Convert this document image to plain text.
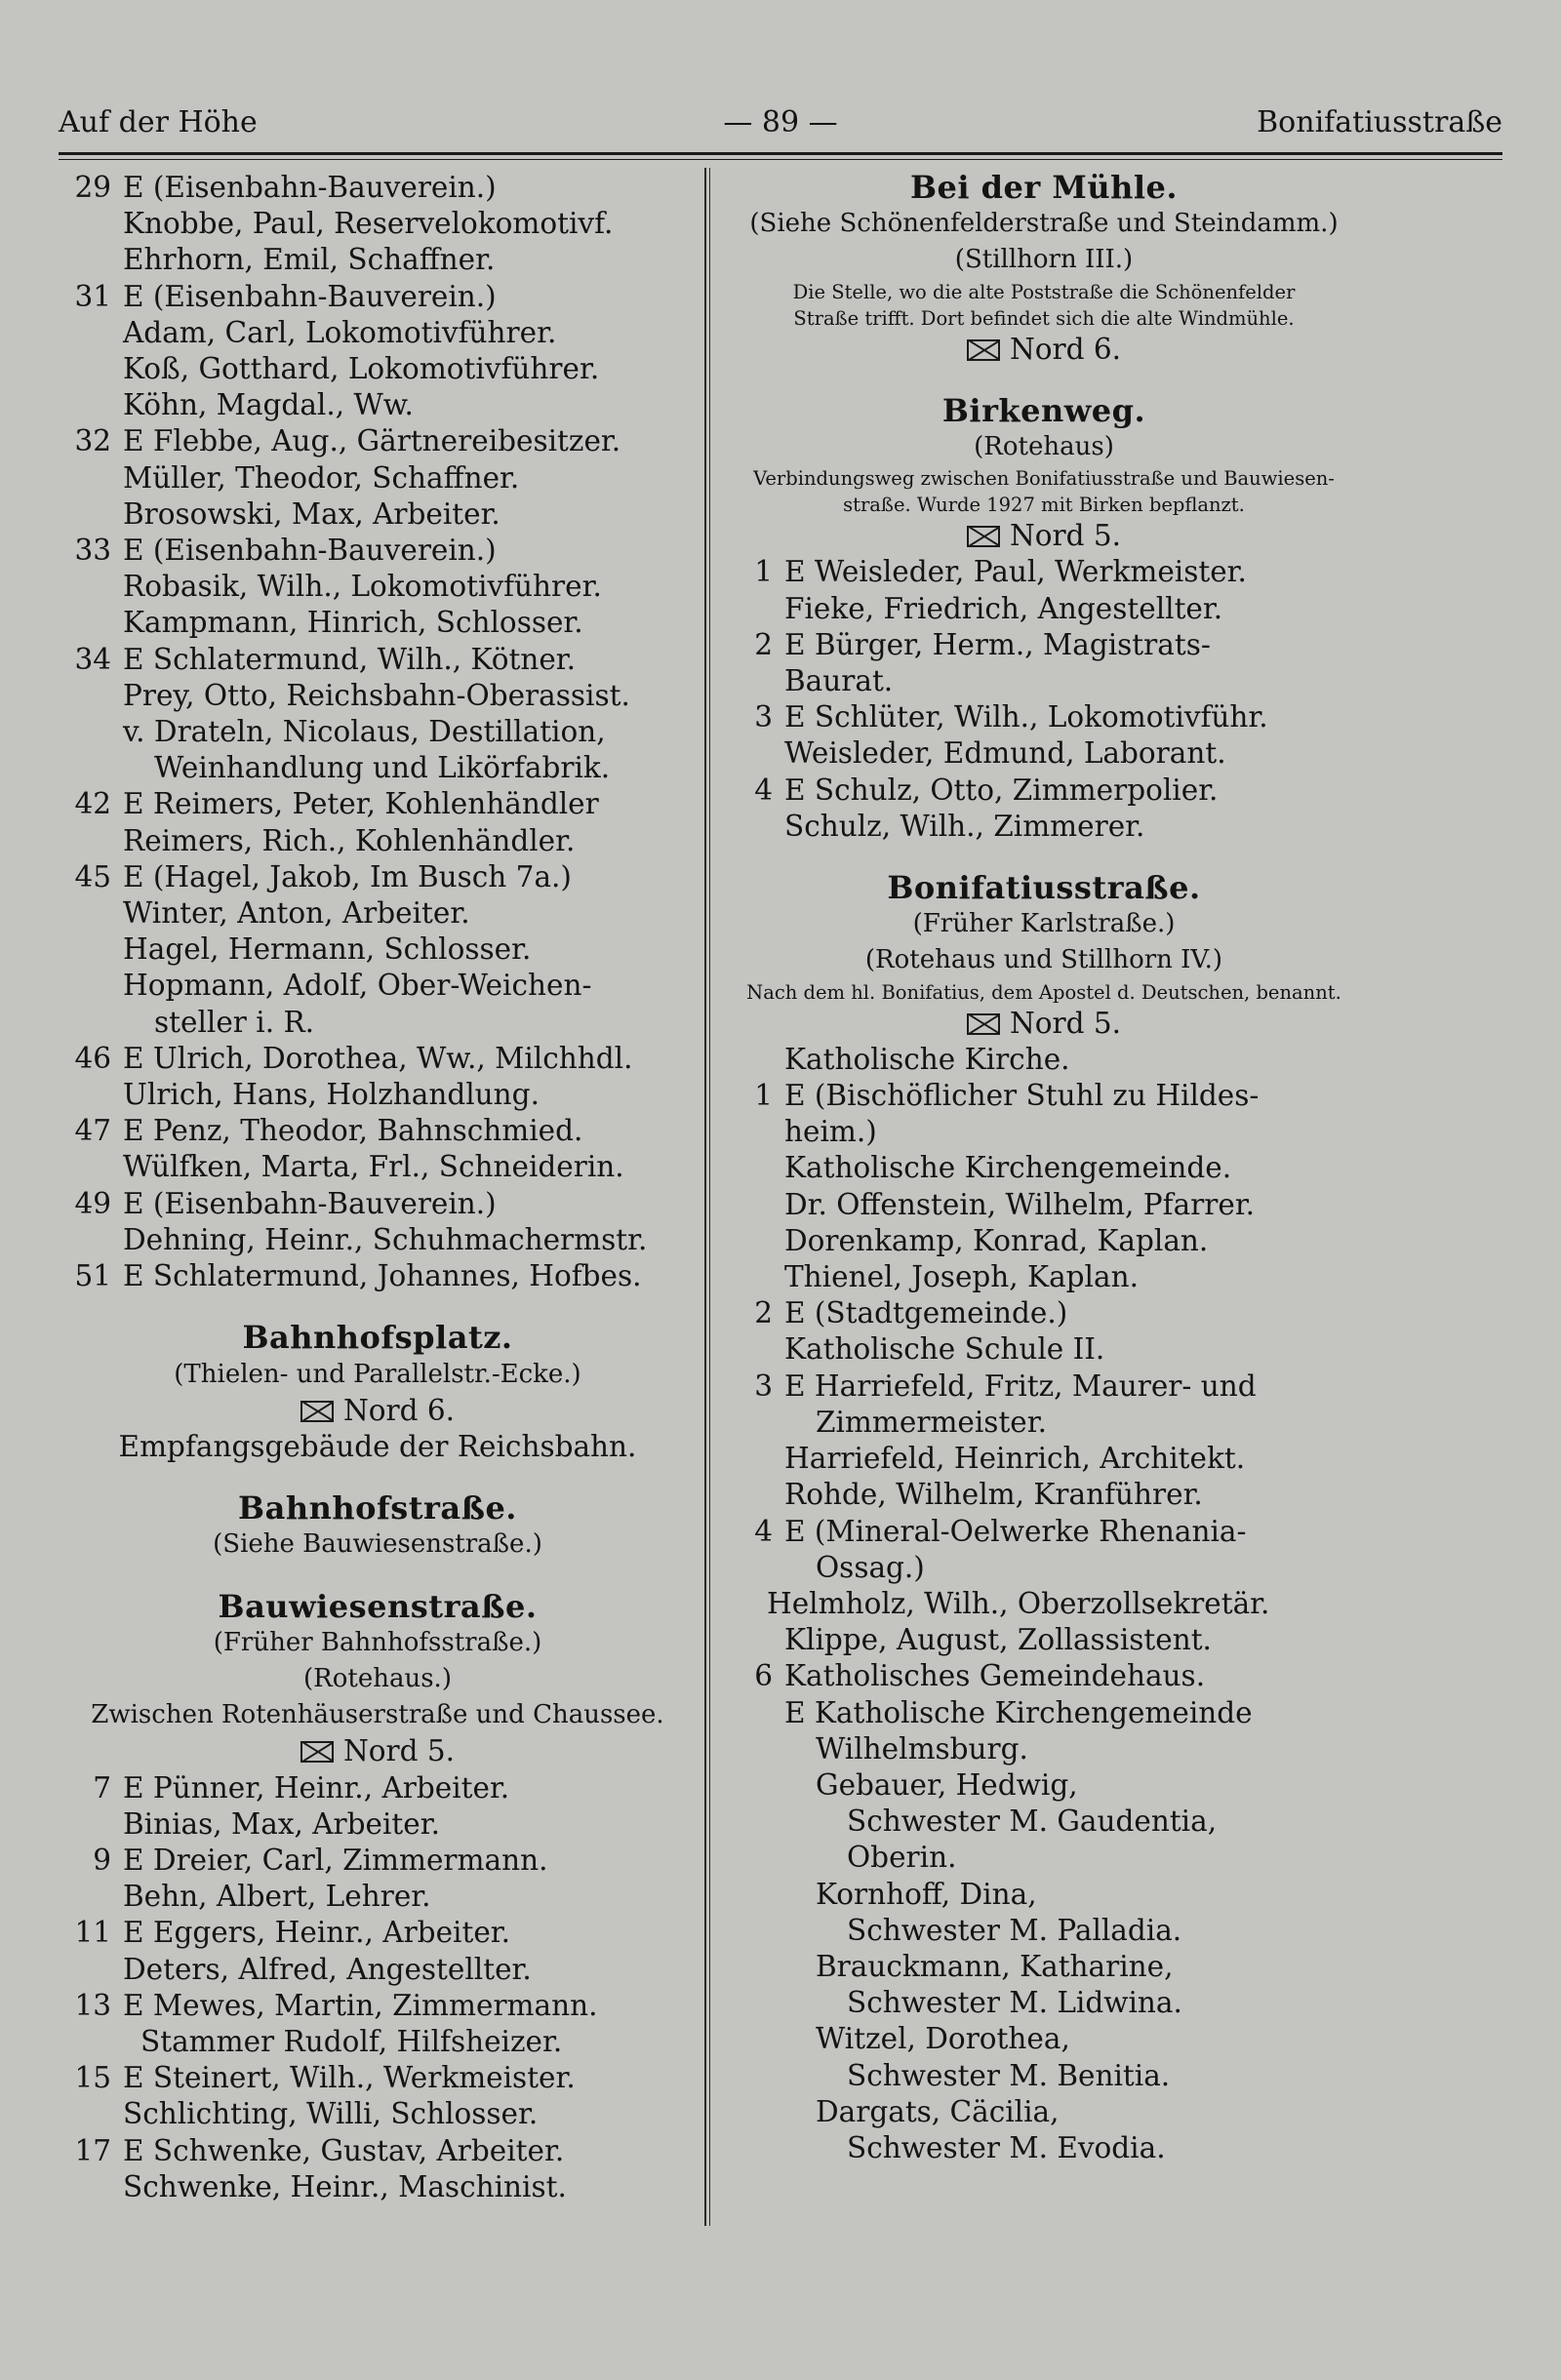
Auf der Höhe	— 89 —	Bonifatiusstraße
29 E (Eisenbahn-Bauverein.)
Knobbe, Paul, Reservelokomotivf.
Ehrhorn, Emil, Schaffner.
31 E (Eisenbahn-Bauverein.)
Adam, Carl, Lokomotivführer.
Koß, Gotthard, Lokomotivführer.
Köhn, Magdal., Ww.
32 E Flebbe, Aug., Gärtnereibesitzer.
Müller, Theodor, Schaffner.
Brosowski, Max, Arbeiter.
33 E (Eisenbahn-Bauverein.)
Robasik, Wilh., Lokomotivführer.
Kampmann, Hinrich, Schlosser.
34 E Schlatermund, Wilh., Kötner.
Prey, Otto, Reichsbahn-Oberassist.
v. Drateln, Nicolaus, Destillation,
Weinhandlung und Likörfabrik.
42 E Reimers, Peter, Kohlenhändler
Reimers, Rich., Kohlenhändler.
45 E (Hagel, Jakob, Im Busch 7a.)
Winter, Anton, Arbeiter.
Hagel, Hermann, Schlosser.
Hopmann, Adolf, Ober-Weichen-
steller i. R.
46 E Ulrich, Dorothea, Ww., Milchhdl.
Ulrich, Hans, Holzhandlung.
47 E Penz, Theodor, Bahnschmied.
Wülfken, Marta, Frl., Schneiderin.
49 E (Eisenbahn-Bauverein.)
Dehning, Heinr., Schuhmachermstr.
51 E Schlatermund, Johannes, Hofbes.
Bahnhofsplatz.
(Thielen- und Parallelstr.-Ecke.)
Nord 6.
Empfangsgebäude der Reichsbahn.
Bahnhofstraße.
(Siehe Bauwiesenstraße.)
Bauwiesenstraße.
(Früher Bahnhofsstraße.)
(Rotehaus.)
Zwischen Rotenhäuserstraße und Chaussee.
Nord 5.
7 E Pünner, Heinr., Arbeiter.
Binias, Max, Arbeiter.
9 E Dreier, Carl, Zimmermann.
Behn, Albert, Lehrer.
11 E Eggers, Heinr., Arbeiter.
Deters, Alfred, Angestellter.
13 E Mewes, Martin, Zimmermann.
Stammer Rudolf, Hilfsheizer.
15 E Steinert, Wilh., Werkmeister.
Schlichting, Willi, Schlosser.
17 E Schwenke, Gustav, Arbeiter.
Schwenke, Heinr., Maschinist.
Bei der Mühle.
(Siehe Schönenfelderstraße und Steindamm.)
(Stillhorn III.)
Die Stelle, wo die alte Poststraße die Schönenfelder
Straße trifft. Dort befindet sich die alte Windmühle.
Nord 6.
Birkenweg.
(Rotehaus)
Verbindungsweg zwischen Bonifatiusstraße und Bauwiesen-
straße. Wurde 1927 mit Birken bepflanzt.
Nord 5.
1 E Weisleder, Paul, Werkmeister.
Fieke, Friedrich, Angestellter.
2 E Bürger, Herm., Magistrats-
Baurat.
3 E Schlüter, Wilh., Lokomotivführ.
Weisleder, Edmund, Laborant.
4 E Schulz, Otto, Zimmerpolier.
Schulz, Wilh., Zimmerer.
Bonifatiusstraße.
(Früher Karlstraße.)
(Rotehaus und Stillhorn IV.)
Nach dem hl. Bonifatius, dem Apostel d. Deutschen, benannt.
Nord 5.
Katholische Kirche.
1 E (Bischöflicher Stuhl zu Hildes-
heim.)
Katholische Kirchengemeinde.
Dr. Offenstein, Wilhelm, Pfarrer.
Dorenkamp, Konrad, Kaplan.
Thienel, Joseph, Kaplan.
2 E (Stadtgemeinde.)
Katholische Schule II.
3 E Harriefeld, Fritz, Maurer- und
Zimmermeister.
Harriefeld, Heinrich, Architekt.
Rohde, Wilhelm, Kranführer.
4 E (Mineral-Oelwerke Rhenania-
Ossag.)
Helmholz, Wilh., Oberzollsekretär.
Klippe, August, Zollassistent.
6 Katholisches Gemeindehaus.
E Katholische Kirchengemeinde
Wilhelmsburg.
Gebauer, Hedwig,
Schwester M. Gaudentia,
Oberin.
Kornhoff, Dina,
Schwester M. Palladia.
Brauckmann, Katharine,
Schwester M. Lidwina.
Witzel, Dorothea,
Schwester M. Benitia.
Dargats, Cäcilia,
Schwester M. Evodia.
